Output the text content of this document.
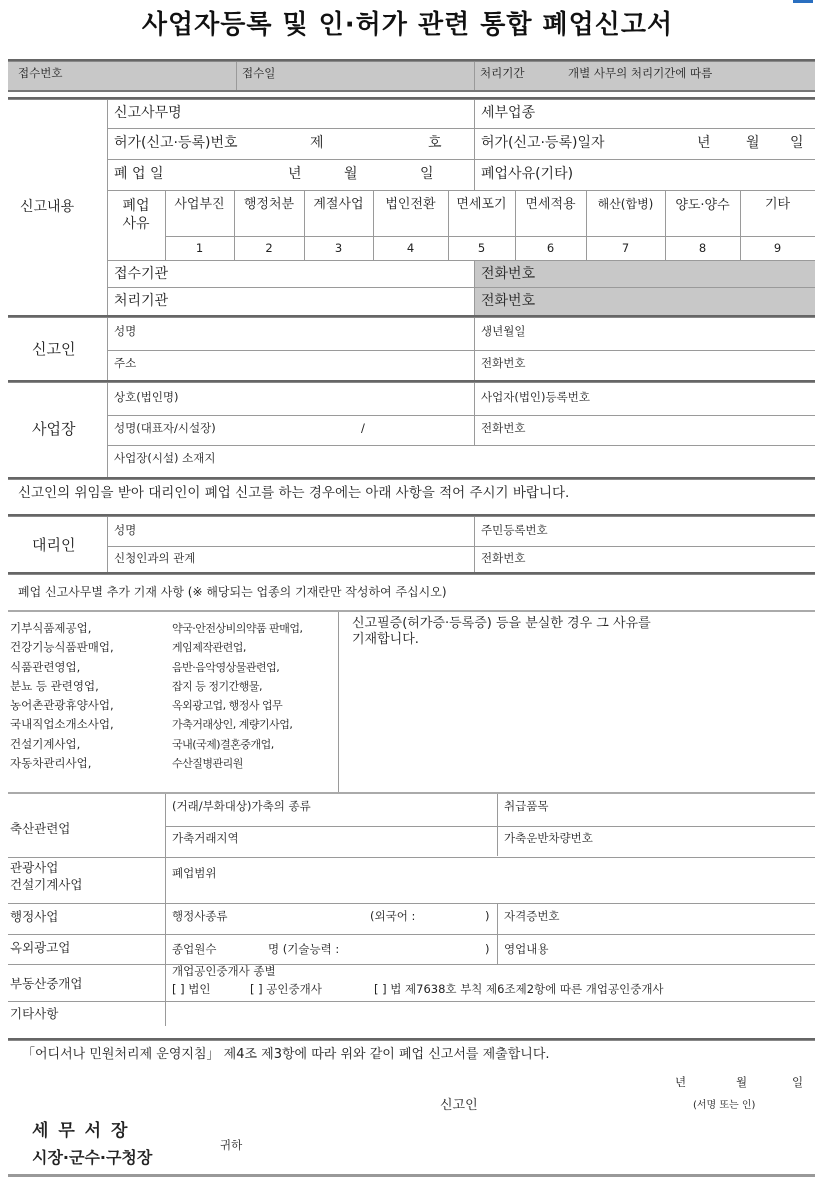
사업자등록 및 인·허가 관련 통합 폐업신고서
접수번호	접수일	처리기간	개별 사무의 처리기간에 따름
신고내용
신고사무명	세부업종
허가(신고·등록)번호	제	호	허가(신고·등록)일자	년	월 일
폐 업 일	년	월	일	폐업사유(기타)
폐업 사유
사업부진	행정처분	계절사업	법인전환	면세포기	면세적용	해산(합병)	양도·양수	기타
1	2	3	4	5	6	7	8	9
접수기관	전화번호
처리기관	전화번호
신고인
성명	생년월일
주소	전화번호
사업장
상호(법인명)	사업자(법인)등록번호
성명(대표자/시설장)	/	전화번호
사업장(시설) 소재지
신고인의 위임을 받아 대리인이 폐업 신고를 하는 경우에는 아래 사항을 적어 주시기 바랍니다.
대리인
성명	주민등록번호
신청인과의 관계	전화번호
폐업 신고사무별 추가 기재 사항 (※ 해당되는 업종의 기재란만 작성하여 주십시오)
기부식품제공업,
건강기능식품판매업,
식품관련영업,
분뇨 등 관련영업,
농어촌관광휴양사업,
국내직업소개소사업,
건설기계사업,
자동차관리사업,
약국·안전상비의약품 판매업,
게임제작관련업,
음반·음악영상물관련업,
잡지 등 정기간행물,
옥외광고업, 행정사 업무
가축거래상인, 계량기사업,
국내(국제)결혼중개업,
수산질병관리원
신고필증(허가증·등록증) 등을 분실한 경우 그 사유를
기재합니다.
축산관련업
(거래/부화대상)가축의 종류	취급품목
가축거래지역	가축운반차량번호
관광사업
건설기계사업
폐업범위
행정사업	행정사종류	(외국어 :	) 자격증번호
옥외광고업	종업원수	명 (기술능력 :	) 영업내용
부동산중개업
개업공인중개사 종별
[ ] 법인	[ ] 공인중개사	[ ] 법 제7638호 부칙 제6조제2항에 따른 개업공인중개사
기타사항
「어디서나 민원처리제 운영지침」 제4조 제3항에 따라 위와 같이 폐업 신고서를 제출합니다.
년	월	일
신고인	(서명 또는 인)
세 무 서 장
시장·군수·구청장
귀하
